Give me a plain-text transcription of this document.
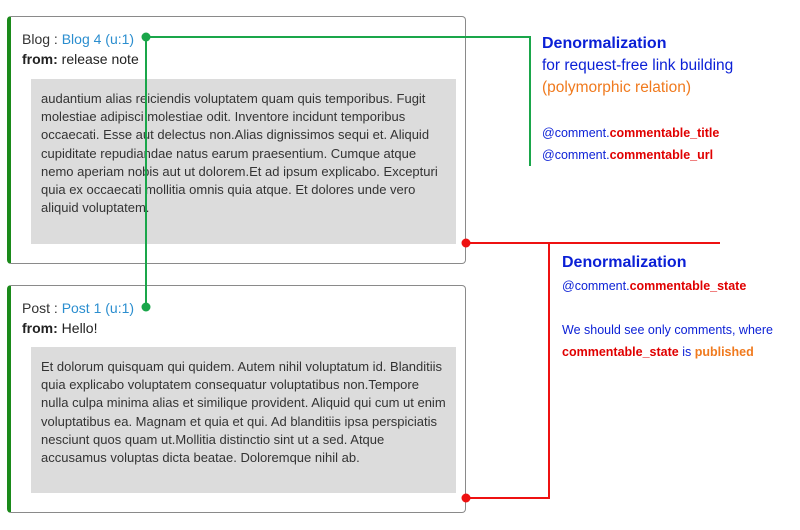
Blog : Blog 4 (u:1)
from: release note
audantium alias reiciendis voluptatem quam quis temporibus. Fugit molestiae adipisci molestiae odit. Inventore incidunt temporibus occaecati. Esse aut delectus non.Alias dignissimos sequi et. Aliquid cupiditate repudiandae natus earum praesentium. Cumque atque nemo aperiam nobis aut ut dolorem.Et ad ipsum explicabo. Excepturi quia ex occaecati mollitia omnis quia atque. Et dolores unde vero aliquid voluptatem.
Post : Post 1 (u:1)
from: Hello!
Et dolorum quisquam qui quidem. Autem nihil voluptatum id. Blanditiis quia explicabo voluptatem consequatur voluptatibus non.Tempore nulla culpa minima alias et similique provident. Aliquid qui cum ut enim voluptatibus ea. Magnam et quia et qui. Ad blanditiis ipsa perspiciatis nesciunt quos quam ut.Mollitia distinctio sint ut a sed. Atque accusamus voluptas dicta beatae. Doloremque nihil ab.
Denormalization
for request-free link building
(polymorphic relation)
@comment.commentable_title
@comment.commentable_url
Denormalization
@comment.commentable_state
We should see only comments, where
commentable_state is published
